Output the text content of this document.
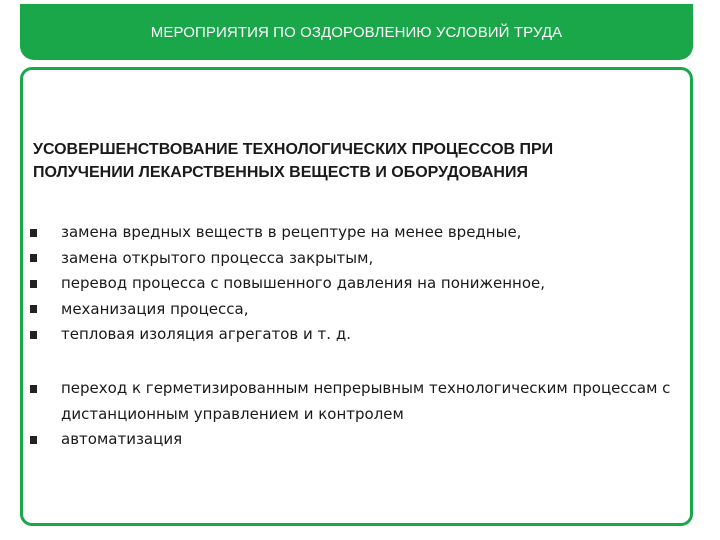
МЕРОПРИЯТИЯ ПО ОЗДОРОВЛЕНИЮ УСЛОВИЙ ТРУДА
УСОВЕРШЕНСТВОВАНИЕ ТЕХНОЛОГИЧЕСКИХ ПРОЦЕССОВ ПРИ
ПОЛУЧЕНИИ ЛЕКАРСТВЕННЫХ ВЕЩЕСТВ И ОБОРУДОВАНИЯ
замена вредных веществ в рецептуре на менее вредные,
замена открытого процесса закрытым,
перевод процесса с повышенного давления на пониженное,
механизация процесса,
тепловая изоляция агрегатов и т. д.
переход к герметизированным непрерывным технологическим процессам с дистанционным управлением и контролем
автоматизация
